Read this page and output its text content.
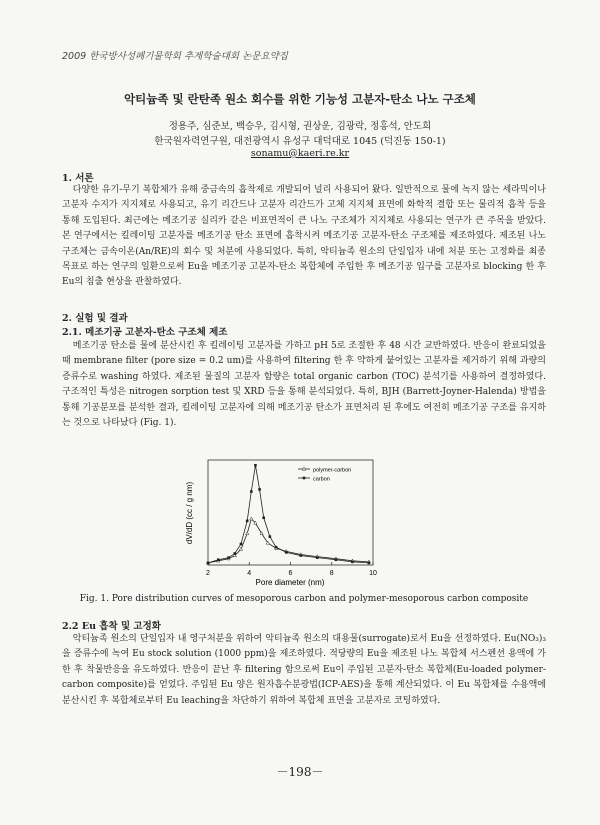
2009 한국방사성폐기물학회 추계학술대회 논문요약집
악티늄족 및 란탄족 원소 회수를 위한 기능성 고분자-탄소 나노 구조체
정용주, 심준보, 백승우, 김시형, 권상운, 김광락, 정홍석, 안도희
한국원자력연구원, 대전광역시 유성구 대덕대로 1045 (덕진동 150-1)
sonamu@kaeri.re.kr
1. 서론

다양한 유기-무기 복합체가 유해 중금속의 흡착제로 개발되어 널리 사용되어 왔다. 일반적으로 물에 녹지 않는 세라믹이나 고분자 수지가 지지체로 사용되고, 유기 리간드나 고분자 리간드가 고체 지지체 표면에 화학적 결합 또는 물리적 흡착 등을 통해 도입된다. 최근에는 메조기공 실리카 같은 비표면적이 큰 나노 구조체가 지지체로 사용되는 연구가 큰 주목을 받았다. 본 연구에서는 킬레이팅 고분자를 메조기공 탄소 표면에 흡착시켜 메조기공 고분자-탄소 구조체를 제조하였다. 제조된 나노 구조체는 금속이온(An/RE)의 회수 및 처분에 사용되었다. 특히, 악티늄족 원소의 단일입자 내에 처분 또는 고정화를 최종 목표로 하는 연구의 일환으로써 Eu을 메조기공 고분자-탄소 복합체에 주입한 후 메조기공 입구를 고분자로 blocking 한 후 Eu의 침출 현상을 관찰하였다.

2. 실험 및 결과
2.1. 메조기공 고분자-탄소 구조체 제조

메조기공 탄소를 물에 분산시킨 후 킬레이팅 고분자를 가하고 pH 5로 조절한 후 48 시간 교반하였다. 반응이 완료되었을 때 membrane filter (pore size = 0.2 um)를 사용하여 filtering 한 후 약하게 붙어있는 고분자를 제거하기 위해 과량의 증류수로 washing 하였다. 제조된 물질의 고분자 함량은 total organic carbon (TOC) 분석기를 사용하여 결정하였다. 구조적인 특성은 nitrogen sorption test 및 XRD 등을 통해 분석되었다. 특히, BJH (Barrett-Joyner-Halenda) 방법을 통해 기공분포를 분석한 결과, 킬레이팅 고분자에 의해 메조기공 탄소가 표면처리 된 후에도 여전히 메조기공 구조를 유지하는 것으로 나타났다 (Fig. 1).

2	4	6	8	10
polymer-carbon
carbon
Pore diameter (nm)
dV/dD (cc / g nm)
Fig. 1. Pore distribution curves of mesoporous carbon and polymer-mesoporous carbon composite
2.2 Eu 흡착 및 고정화

악티늄족 원소의 단일입자 내 영구처분을 위하여 악티늄족 원소의 대용물(surrogate)로서 Eu을 선정하였다. Eu(NO₃)₃을 증류수에 녹여 Eu stock solution (1000 ppm)을 제조하였다. 적당량의 Eu을 제조된 나노 복합체 서스펜션 용액에 가한 후 착물반응을 유도하였다. 반응이 끝난 후 filtering 함으로써 Eu이 주입된 고분자-탄소 복합체(Eu-loaded polymer-carbon composite)를 얻었다. 주입된 Eu 양은 원자흡수분광법(ICP-AES)을 통해 계산되었다. 이 Eu 복합체를 수용액에 분산시킨 후 복합체로부터 Eu leaching을 차단하기 위하여 복합체 표면을 고분자로 코팅하였다.

－198－
